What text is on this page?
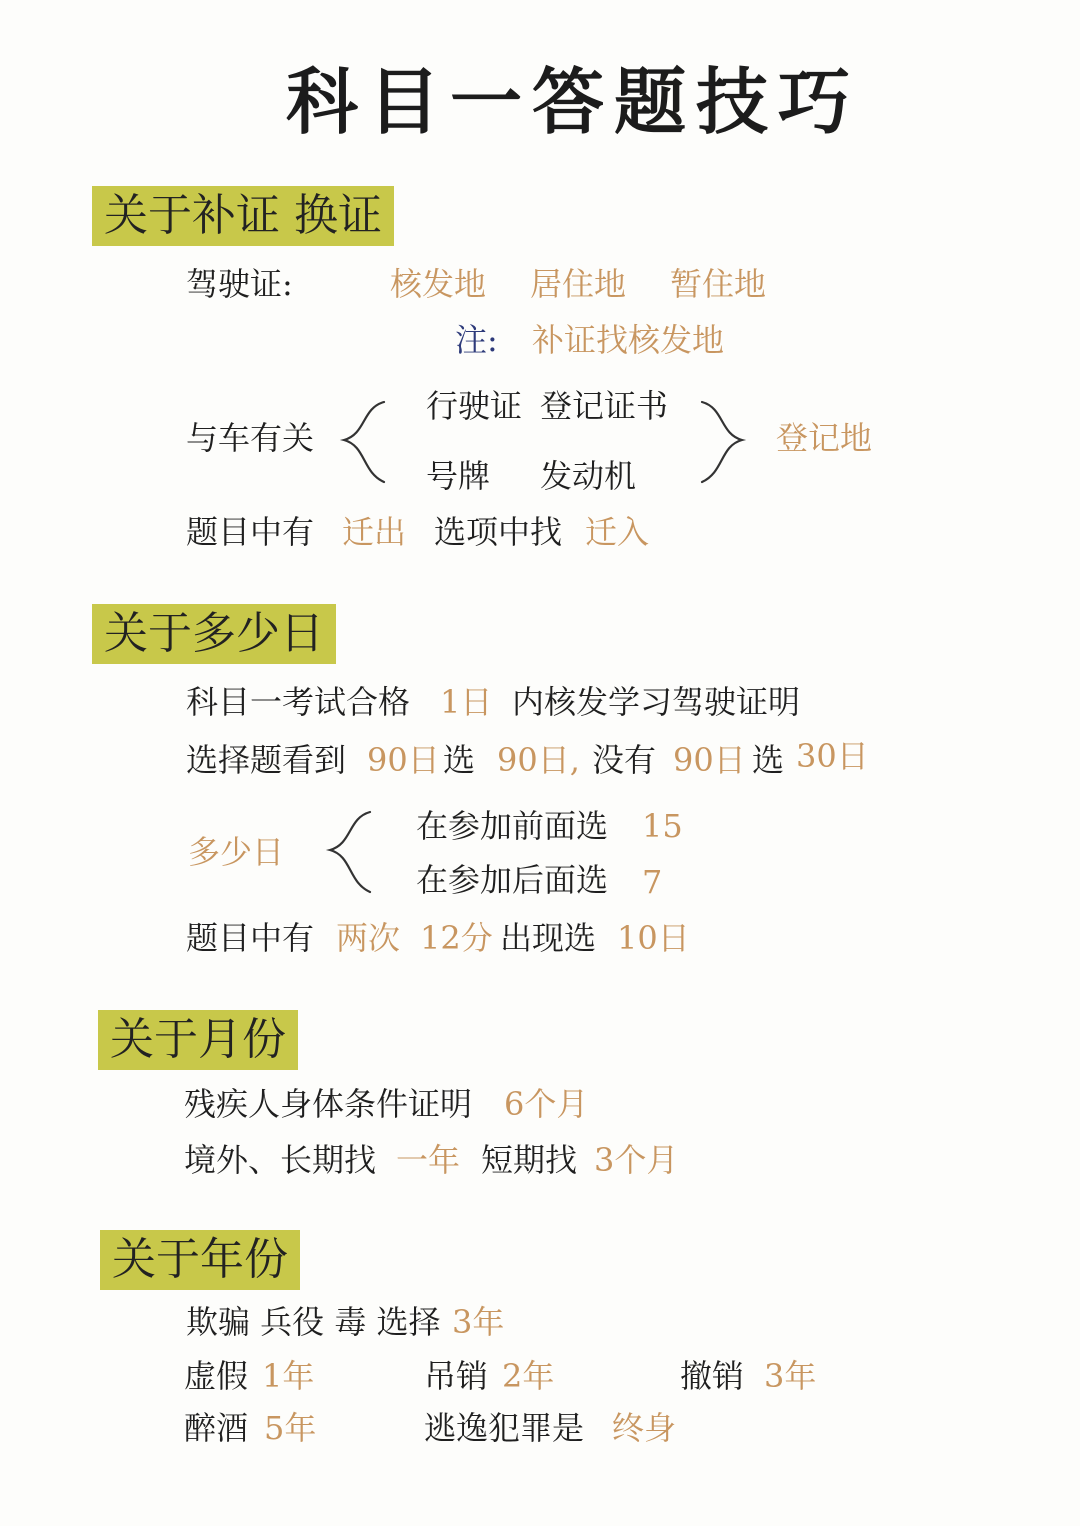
科目一答题技巧
关于补证 换证
驾驶证:	核发地 居住地 暂住地
注: 补证找核发地
与车有关
行驶证 登记证书
号牌 发动机
登记地
题目中有 迁出 选项中找 迁入
关于多少日
科目一考试合格 1日 内核发学习驾驶证明
选择题看到 90日 选 90日, 没有 90日 选 30日
多少日
在参加前面选 15
在参加后面选 7
题目中有 两次 12分 出现选 10日
关于月份
残疾人身体条件证明 6个月
境外、长期找 一年 短期找 3个月
关于年份
欺骗 兵役 毒 选择 3年
虚假 1年	吊销 2年	撤销 3年
醉酒 5年	逃逸犯罪是 终身
